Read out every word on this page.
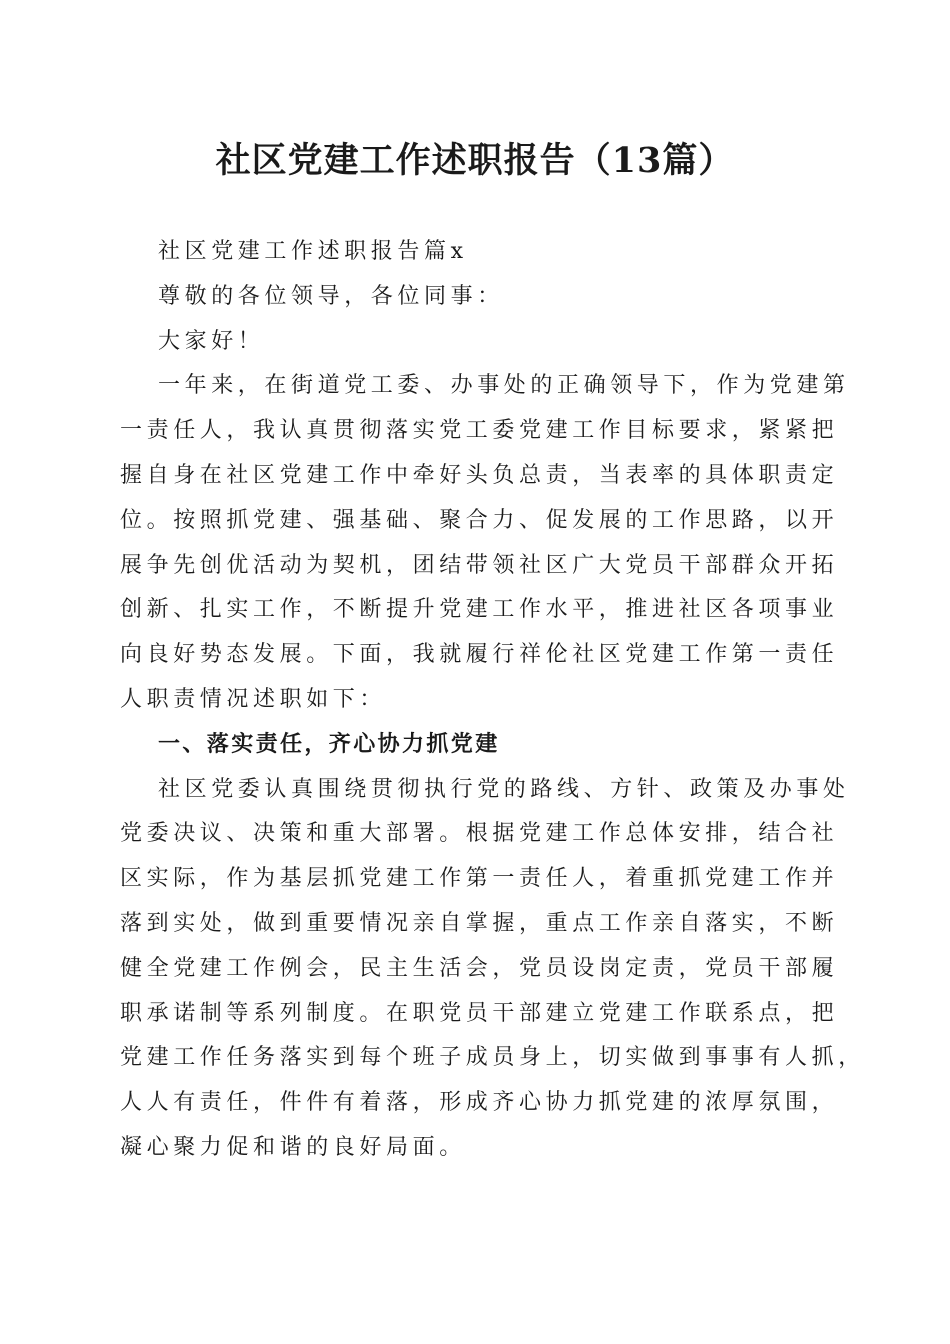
社区党建工作述职报告（13篇）
社区党建工作述职报告篇x
尊敬的各位领导，各位同事：
大家好！
一年来，在街道党工委、办事处的正确领导下，作为党建第
一责任人，我认真贯彻落实党工委党建工作目标要求，紧紧把
握自身在社区党建工作中牵好头负总责，当表率的具体职责定
位。按照抓党建、强基础、聚合力、促发展的工作思路，以开
展争先创优活动为契机，团结带领社区广大党员干部群众开拓
创新、扎实工作，不断提升党建工作水平，推进社区各项事业
向良好势态发展。下面，我就履行祥伦社区党建工作第一责任
人职责情况述职如下：
一、落实责任，齐心协力抓党建
社区党委认真围绕贯彻执行党的路线、方针、政策及办事处
党委决议、决策和重大部署。根据党建工作总体安排，结合社
区实际，作为基层抓党建工作第一责任人，着重抓党建工作并
落到实处，做到重要情况亲自掌握，重点工作亲自落实，不断
健全党建工作例会，民主生活会，党员设岗定责，党员干部履
职承诺制等系列制度。在职党员干部建立党建工作联系点，把
党建工作任务落实到每个班子成员身上，切实做到事事有人抓，
人人有责任，件件有着落，形成齐心协力抓党建的浓厚氛围，
凝心聚力促和谐的良好局面。
